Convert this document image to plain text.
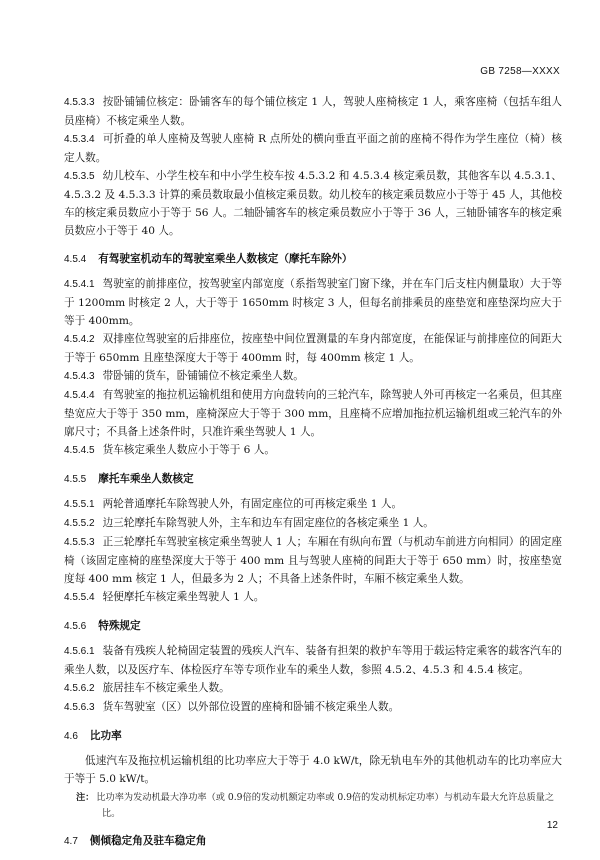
GB 7258—XXXX

4.5.3.3 按卧铺铺位核定：卧铺客车的每个铺位核定 1 人，驾驶人座椅核定 1 人，乘客座椅（包括车组人员座椅）不核定乘坐人数。

4.5.3.4 可折叠的单人座椅及驾驶人座椅 R 点所处的横向垂直平面之前的座椅不得作为学生座位（椅）核定人数。

4.5.3.5 幼儿校车、小学生校车和中小学生校车按 4.5.3.2 和 4.5.3.4 核定乘员数，其他客车以 4.5.3.1、4.5.3.2 及 4.5.3.3 计算的乘员数取最小值核定乘员数。幼儿校车的核定乘员数应小于等于 45 人，其他校车的核定乘员数应小于等于 56 人。二轴卧铺客车的核定乘员数应小于等于 36 人，三轴卧铺客车的核定乘员数应小于等于 40 人。

4.5.4 有驾驶室机动车的驾驶室乘坐人数核定（摩托车除外）

4.5.4.1 驾驶室的前排座位，按驾驶室内部宽度（系指驾驶室门窗下缘，并在车门后支柱内侧量取）大于等于 1200mm 时核定 2 人，大于等于 1650mm 时核定 3 人，但每名前排乘员的座垫宽和座垫深均应大于等于 400mm。

4.5.4.2 双排座位驾驶室的后排座位，按座垫中间位置测量的车身内部宽度，在能保证与前排座位的间距大于等于 650mm 且座垫深度大于等于 400mm 时，每 400mm 核定 1 人。

4.5.4.3 带卧铺的货车，卧铺铺位不核定乘坐人数。

4.5.4.4 有驾驶室的拖拉机运输机组和使用方向盘转向的三轮汽车，除驾驶人外可再核定一名乘员，但其座垫宽应大于等于 350 mm，座椅深应大于等于 300 mm，且座椅不应增加拖拉机运输机组或三轮汽车的外廓尺寸；不具备上述条件时，只准许乘坐驾驶人 1 人。

4.5.4.5 货车核定乘坐人数应小于等于 6 人。

4.5.5 摩托车乘坐人数核定

4.5.5.1 两轮普通摩托车除驾驶人外，有固定座位的可再核定乘坐 1 人。

4.5.5.2 边三轮摩托车除驾驶人外，主车和边车有固定座位的各核定乘坐 1 人。

4.5.5.3 正三轮摩托车驾驶室核定乘坐驾驶人 1 人；车厢在有纵向布置（与机动车前进方向相同）的固定座椅（该固定座椅的座垫深度大于等于 400 mm 且与驾驶人座椅的间距大于等于 650 mm）时，按座垫宽度每 400 mm 核定 1 人，但最多为 2 人；不具备上述条件时，车厢不核定乘坐人数。

4.5.5.4 轻便摩托车核定乘坐驾驶人 1 人。

4.5.6 特殊规定

4.5.6.1 装备有残疾人轮椅固定装置的残疾人汽车、装备有担架的救护车等用于载运特定乘客的载客汽车的乘坐人数，以及医疗车、体检医疗车等专项作业车的乘坐人数，参照 4.5.2、4.5.3 和 4.5.4 核定。

4.5.6.2 旅居挂车不核定乘坐人数。

4.5.6.3 货车驾驶室（区）以外部位设置的座椅和卧铺不核定乘坐人数。

4.6 比功率

低速汽车及拖拉机运输机组的比功率应大于等于 4.0 kW/t，除无轨电车外的其他机动车的比功率应大于等于 5.0 kW/t。

注： 比功率为发动机最大净功率（或 0.9倍的发动机额定功率或 0.9倍的发动机标定功率）与机动车最大允许总质量之比。

4.7 侧倾稳定角及驻车稳定角
12
